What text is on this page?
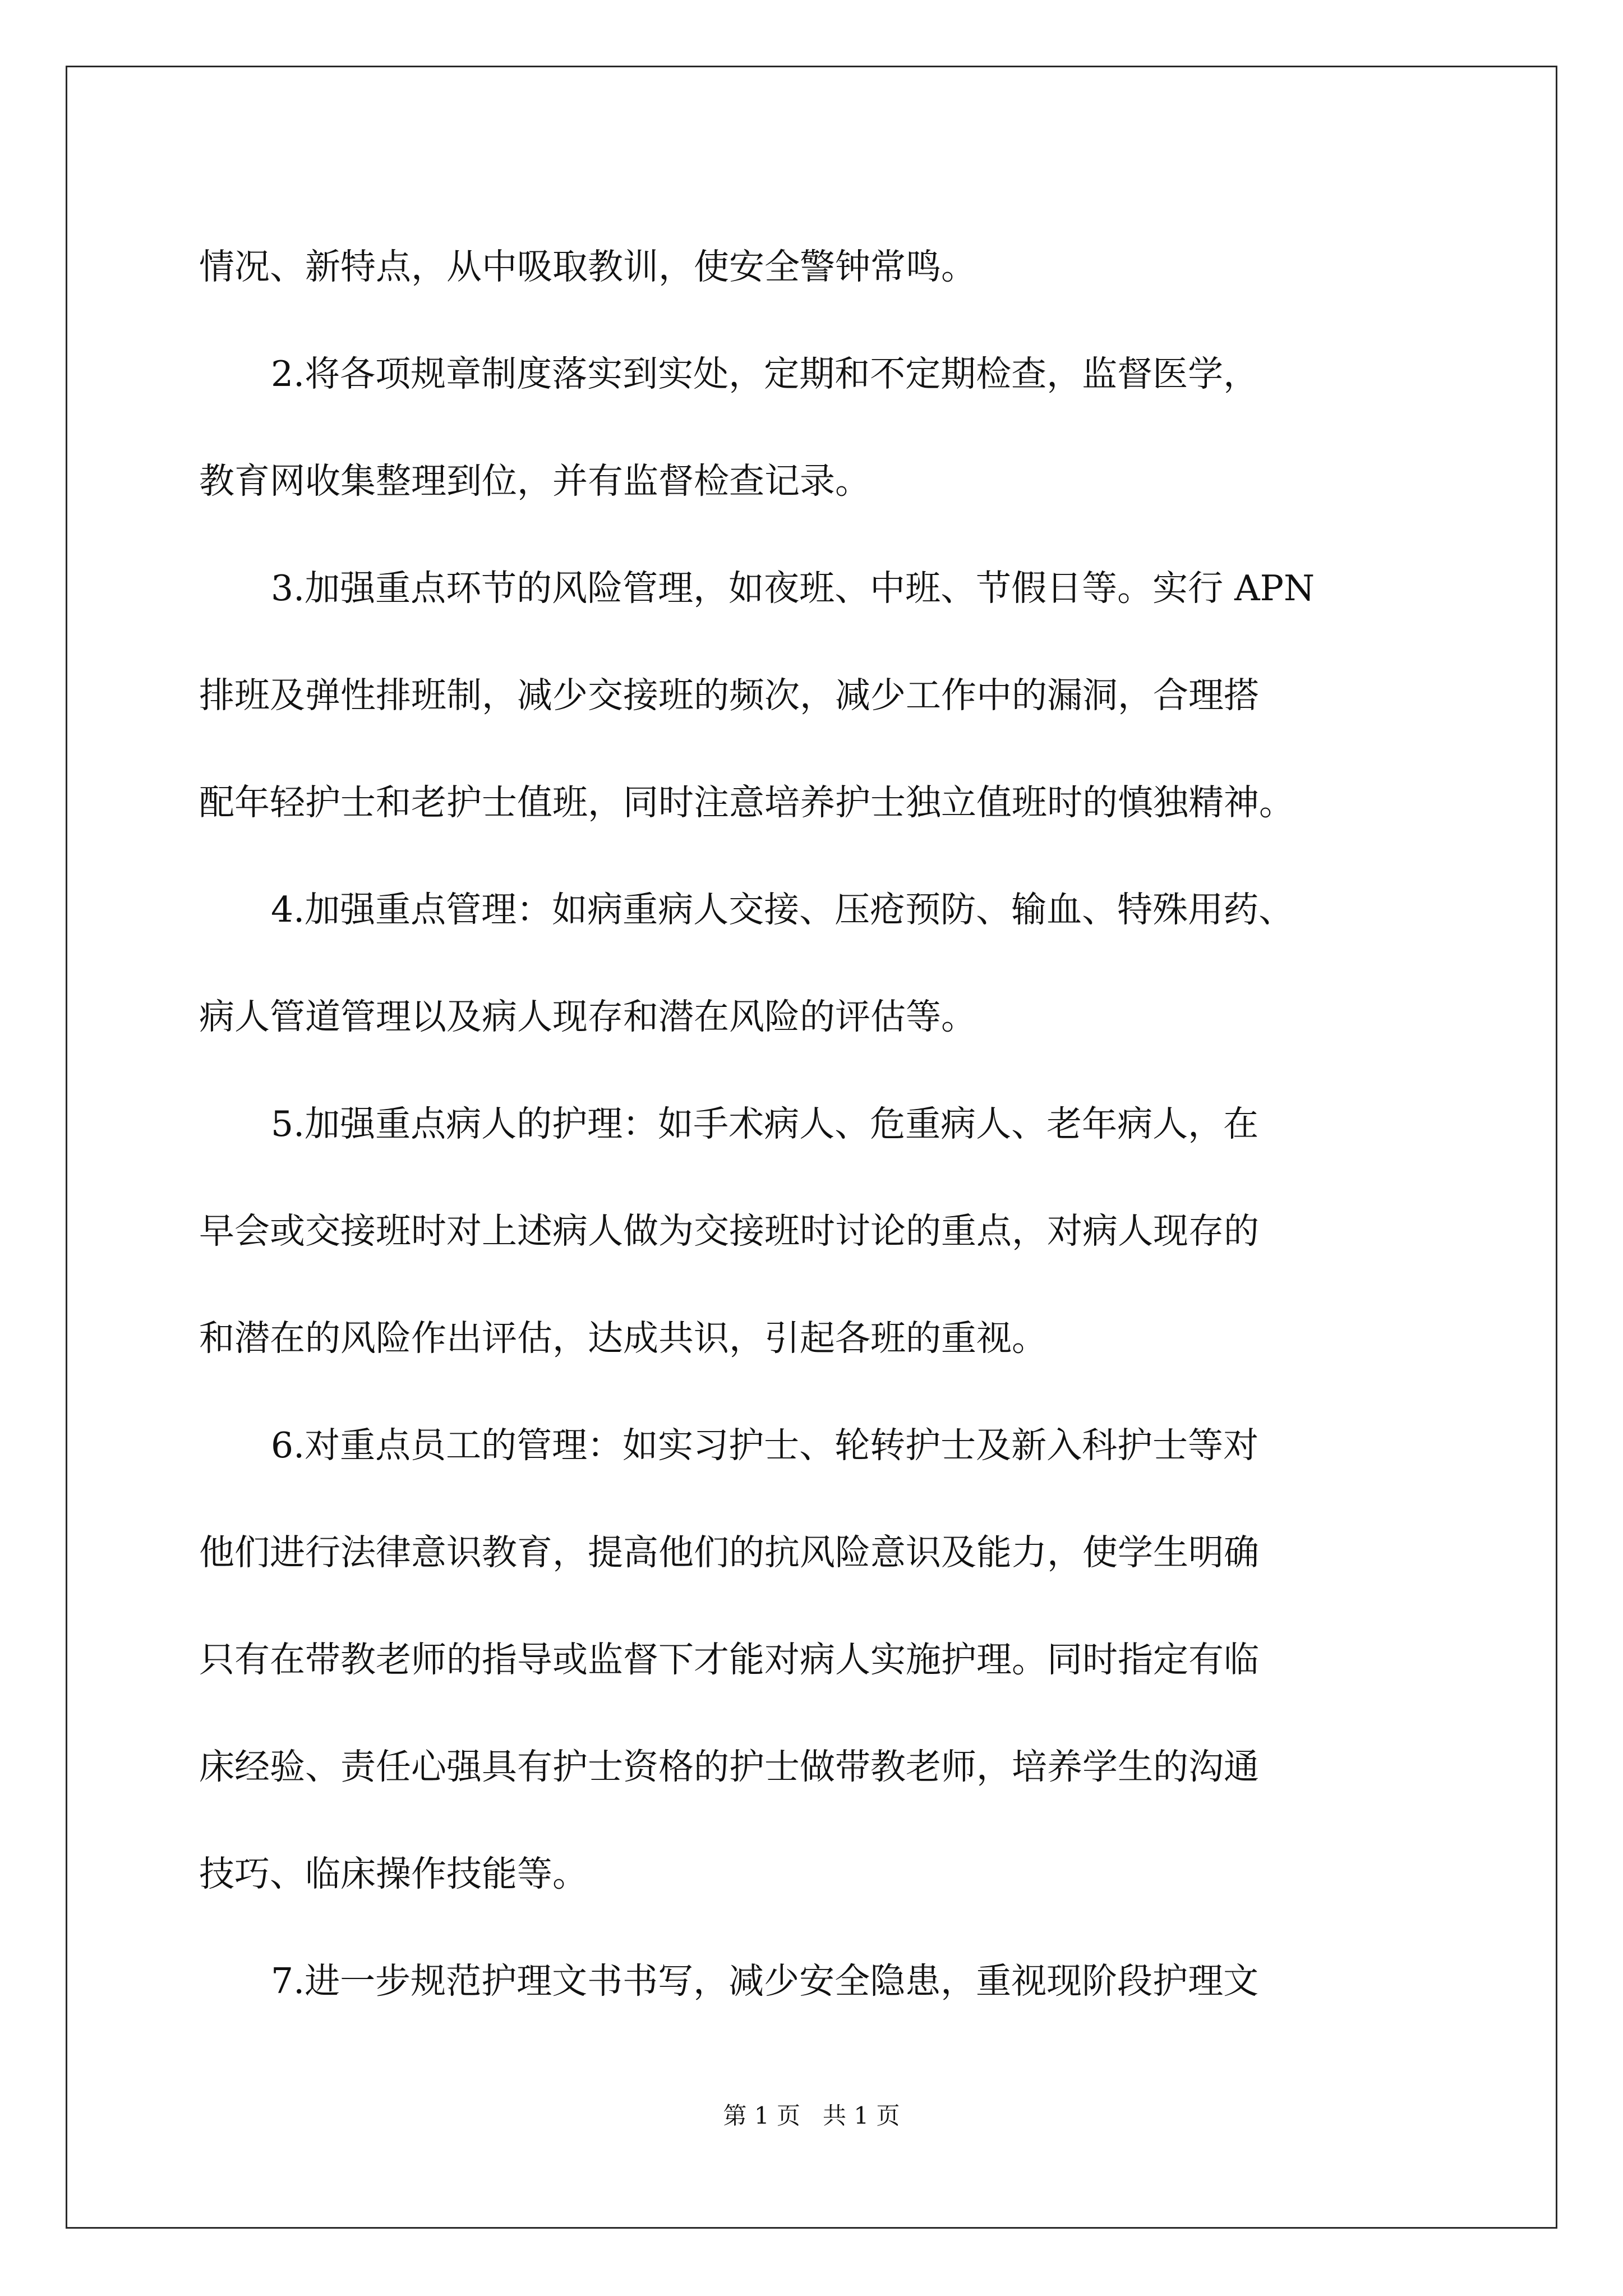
情况、新特点，从中吸取教训，使安全警钟常鸣。

2.将各项规章制度落实到实处，定期和不定期检查，监督医学，

教育网收集整理到位，并有监督检查记录。

3.加强重点环节的风险管理，如夜班、中班、节假日等。实行 APN

排班及弹性排班制，减少交接班的频次，减少工作中的漏洞，合理搭

配年轻护士和老护士值班，同时注意培养护士独立值班时的慎独精神。

4.加强重点管理：如病重病人交接、压疮预防、输血、特殊用药、

病人管道管理以及病人现存和潜在风险的评估等。

5.加强重点病人的护理：如手术病人、危重病人、老年病人，在

早会或交接班时对上述病人做为交接班时讨论的重点，对病人现存的

和潜在的风险作出评估，达成共识，引起各班的重视。

6.对重点员工的管理：如实习护士、轮转护士及新入科护士等对

他们进行法律意识教育，提高他们的抗风险意识及能力，使学生明确

只有在带教老师的指导或监督下才能对病人实施护理。同时指定有临

床经验、责任心强具有护士资格的护士做带教老师，培养学生的沟通

技巧、临床操作技能等。

7.进一步规范护理文书书写，减少安全隐患，重视现阶段护理文

第 1 页 共 1 页
